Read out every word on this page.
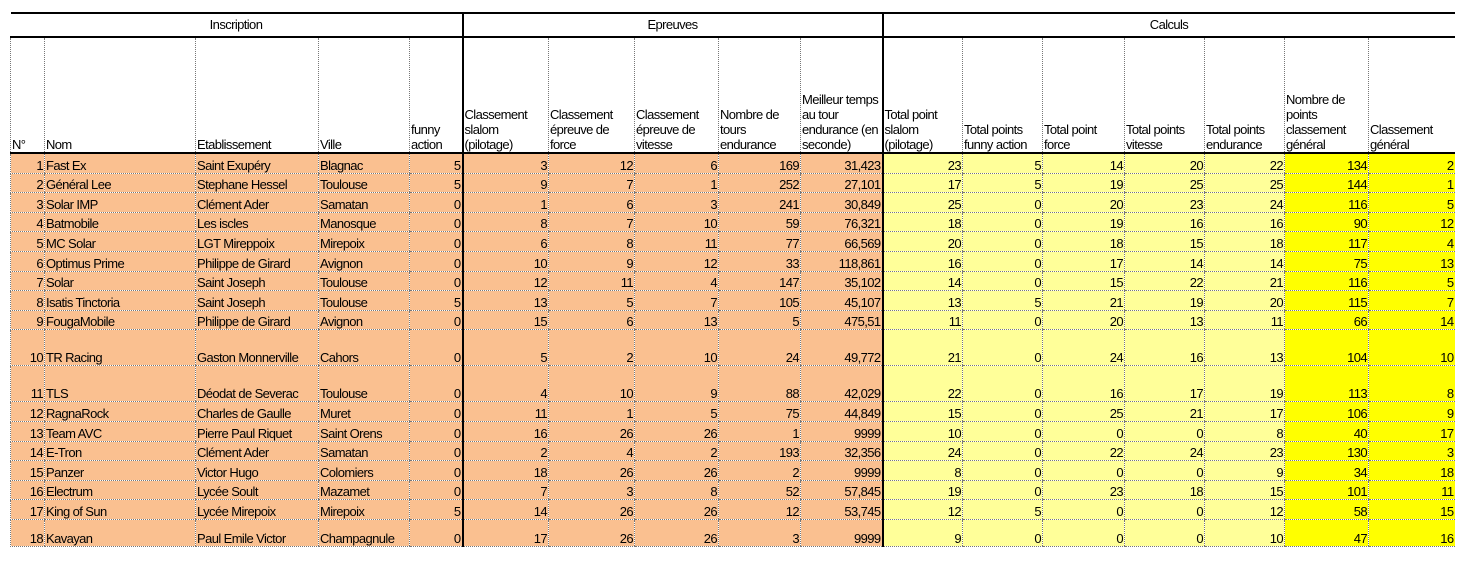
Inscription					Epreuves					Calculs						
N°	Nom	Etablissement	Ville	funny action	Classement slalom (pilotage)	Classement épreuve de force	Classement épreuve de vitesse	Nombre de tours endurance	Meilleur temps au tour endurance (en seconde)	Total point slalom (pilotage)	Total points funny action	Total point force	Total points vitesse	Total points endurance	Nombre de points classement général	Classement général
1	Fast Ex	Saint Exupéry	Blagnac	5	3	12	6	169	31,423	23	5	14	20	22	134	2
2	Général Lee	Stephane Hessel	Toulouse	5	9	7	1	252	27,101	17	5	19	25	25	144	1
3	Solar IMP	Clément Ader	Samatan	0	1	6	3	241	30,849	25	0	20	23	24	116	5
4	Batmobile	Les iscles	Manosque	0	8	7	10	59	76,321	18	0	19	16	16	90	12
5	MC Solar	LGT Mireppoix	Mirepoix	0	6	8	11	77	66,569	20	0	18	15	18	117	4
6	Optimus Prime	Philippe de Girard	Avignon	0	10	9	12	33	118,861	16	0	17	14	14	75	13
7	Solar	Saint Joseph	Toulouse	0	12	11	4	147	35,102	14	0	15	22	21	116	5
8	Isatis Tinctoria	Saint Joseph	Toulouse	5	13	5	7	105	45,107	13	5	21	19	20	115	7
9	FougaMobile	Philippe de Girard	Avignon	0	15	6	13	5	475,51	11	0	20	13	11	66	14
10	TR Racing	Gaston Monnerville	Cahors	0	5	2	10	24	49,772	21	0	24	16	13	104	10
11	TLS	Déodat de Severac	Toulouse	0	4	10	9	88	42,029	22	0	16	17	19	113	8
12	RagnaRock	Charles de Gaulle	Muret	0	11	1	5	75	44,849	15	0	25	21	17	106	9
13	Team AVC	Pierre Paul Riquet	Saint Orens	0	16	26	26	1	9999	10	0	0	0	8	40	17
14	E-Tron	Clément Ader	Samatan	0	2	4	2	193	32,356	24	0	22	24	23	130	3
15	Panzer	Victor Hugo	Colomiers	0	18	26	26	2	9999	8	0	0	0	9	34	18
16	Electrum	Lycée Soult	Mazamet	0	7	3	8	52	57,845	19	0	23	18	15	101	11
17	King of Sun	Lycée Mirepoix	Mirepoix	5	14	26	26	12	53,745	12	5	0	0	12	58	15
18	Kavayan	Paul Emile Victor	Champagnule	0	17	26	26	3	9999	9	0	0	0	10	47	16
